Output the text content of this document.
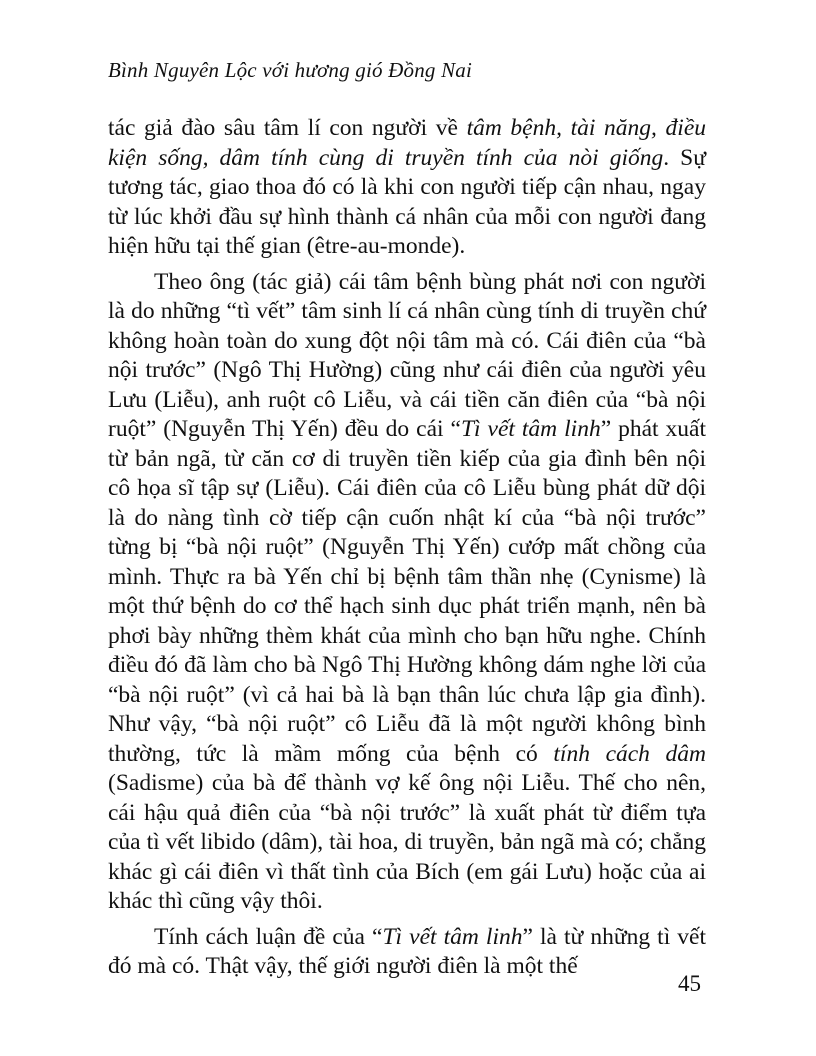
Bình Nguyên Lộc với hương gió Đồng Nai

tác giả đào sâu tâm lí con người về tâm bệnh, tài năng, điều kiện sống, dâm tính cùng di truyền tính của nòi giống. Sự tương tác, giao thoa đó có là khi con người tiếp cận nhau, ngay từ lúc khởi đầu sự hình thành cá nhân của mỗi con người đang hiện hữu tại thế gian (être-au-monde).

Theo ông (tác giả) cái tâm bệnh bùng phát nơi con người là do những “tì vết” tâm sinh lí cá nhân cùng tính di truyền chứ không hoàn toàn do xung đột nội tâm mà có. Cái điên của “bà nội trước” (Ngô Thị Hường) cũng như cái điên của người yêu Lưu (Liễu), anh ruột cô Liễu, và cái tiền căn điên của “bà nội ruột” (Nguyễn Thị Yến) đều do cái “Tì vết tâm linh” phát xuất từ bản ngã, từ căn cơ di truyền tiền kiếp của gia đình bên nội cô họa sĩ tập sự (Liễu). Cái điên của cô Liễu bùng phát dữ dội là do nàng tình cờ tiếp cận cuốn nhật kí của “bà nội trước” từng bị “bà nội ruột” (Nguyễn Thị Yến) cướp mất chồng của mình. Thực ra bà Yến chỉ bị bệnh tâm thần nhẹ (Cynisme) là một thứ bệnh do cơ thể hạch sinh dục phát triển mạnh, nên bà phơi bày những thèm khát của mình cho bạn hữu nghe. Chính điều đó đã làm cho bà Ngô Thị Hường không dám nghe lời của “bà nội ruột” (vì cả hai bà là bạn thân lúc chưa lập gia đình). Như vậy, “bà nội ruột” cô Liễu đã là một người không bình thường, tức là mầm mống của bệnh có tính cách dâm (Sadisme) của bà để thành vợ kế ông nội Liễu. Thế cho nên, cái hậu quả điên của “bà nội trước” là xuất phát từ điểm tựa của tì vết libido (dâm), tài hoa, di truyền, bản ngã mà có; chẳng khác gì cái điên vì thất tình của Bích (em gái Lưu) hoặc của ai khác thì cũng vậy thôi.

Tính cách luận đề của “Tì vết tâm linh” là từ những tì vết đó mà có. Thật vậy, thế giới người điên là một thế

45
